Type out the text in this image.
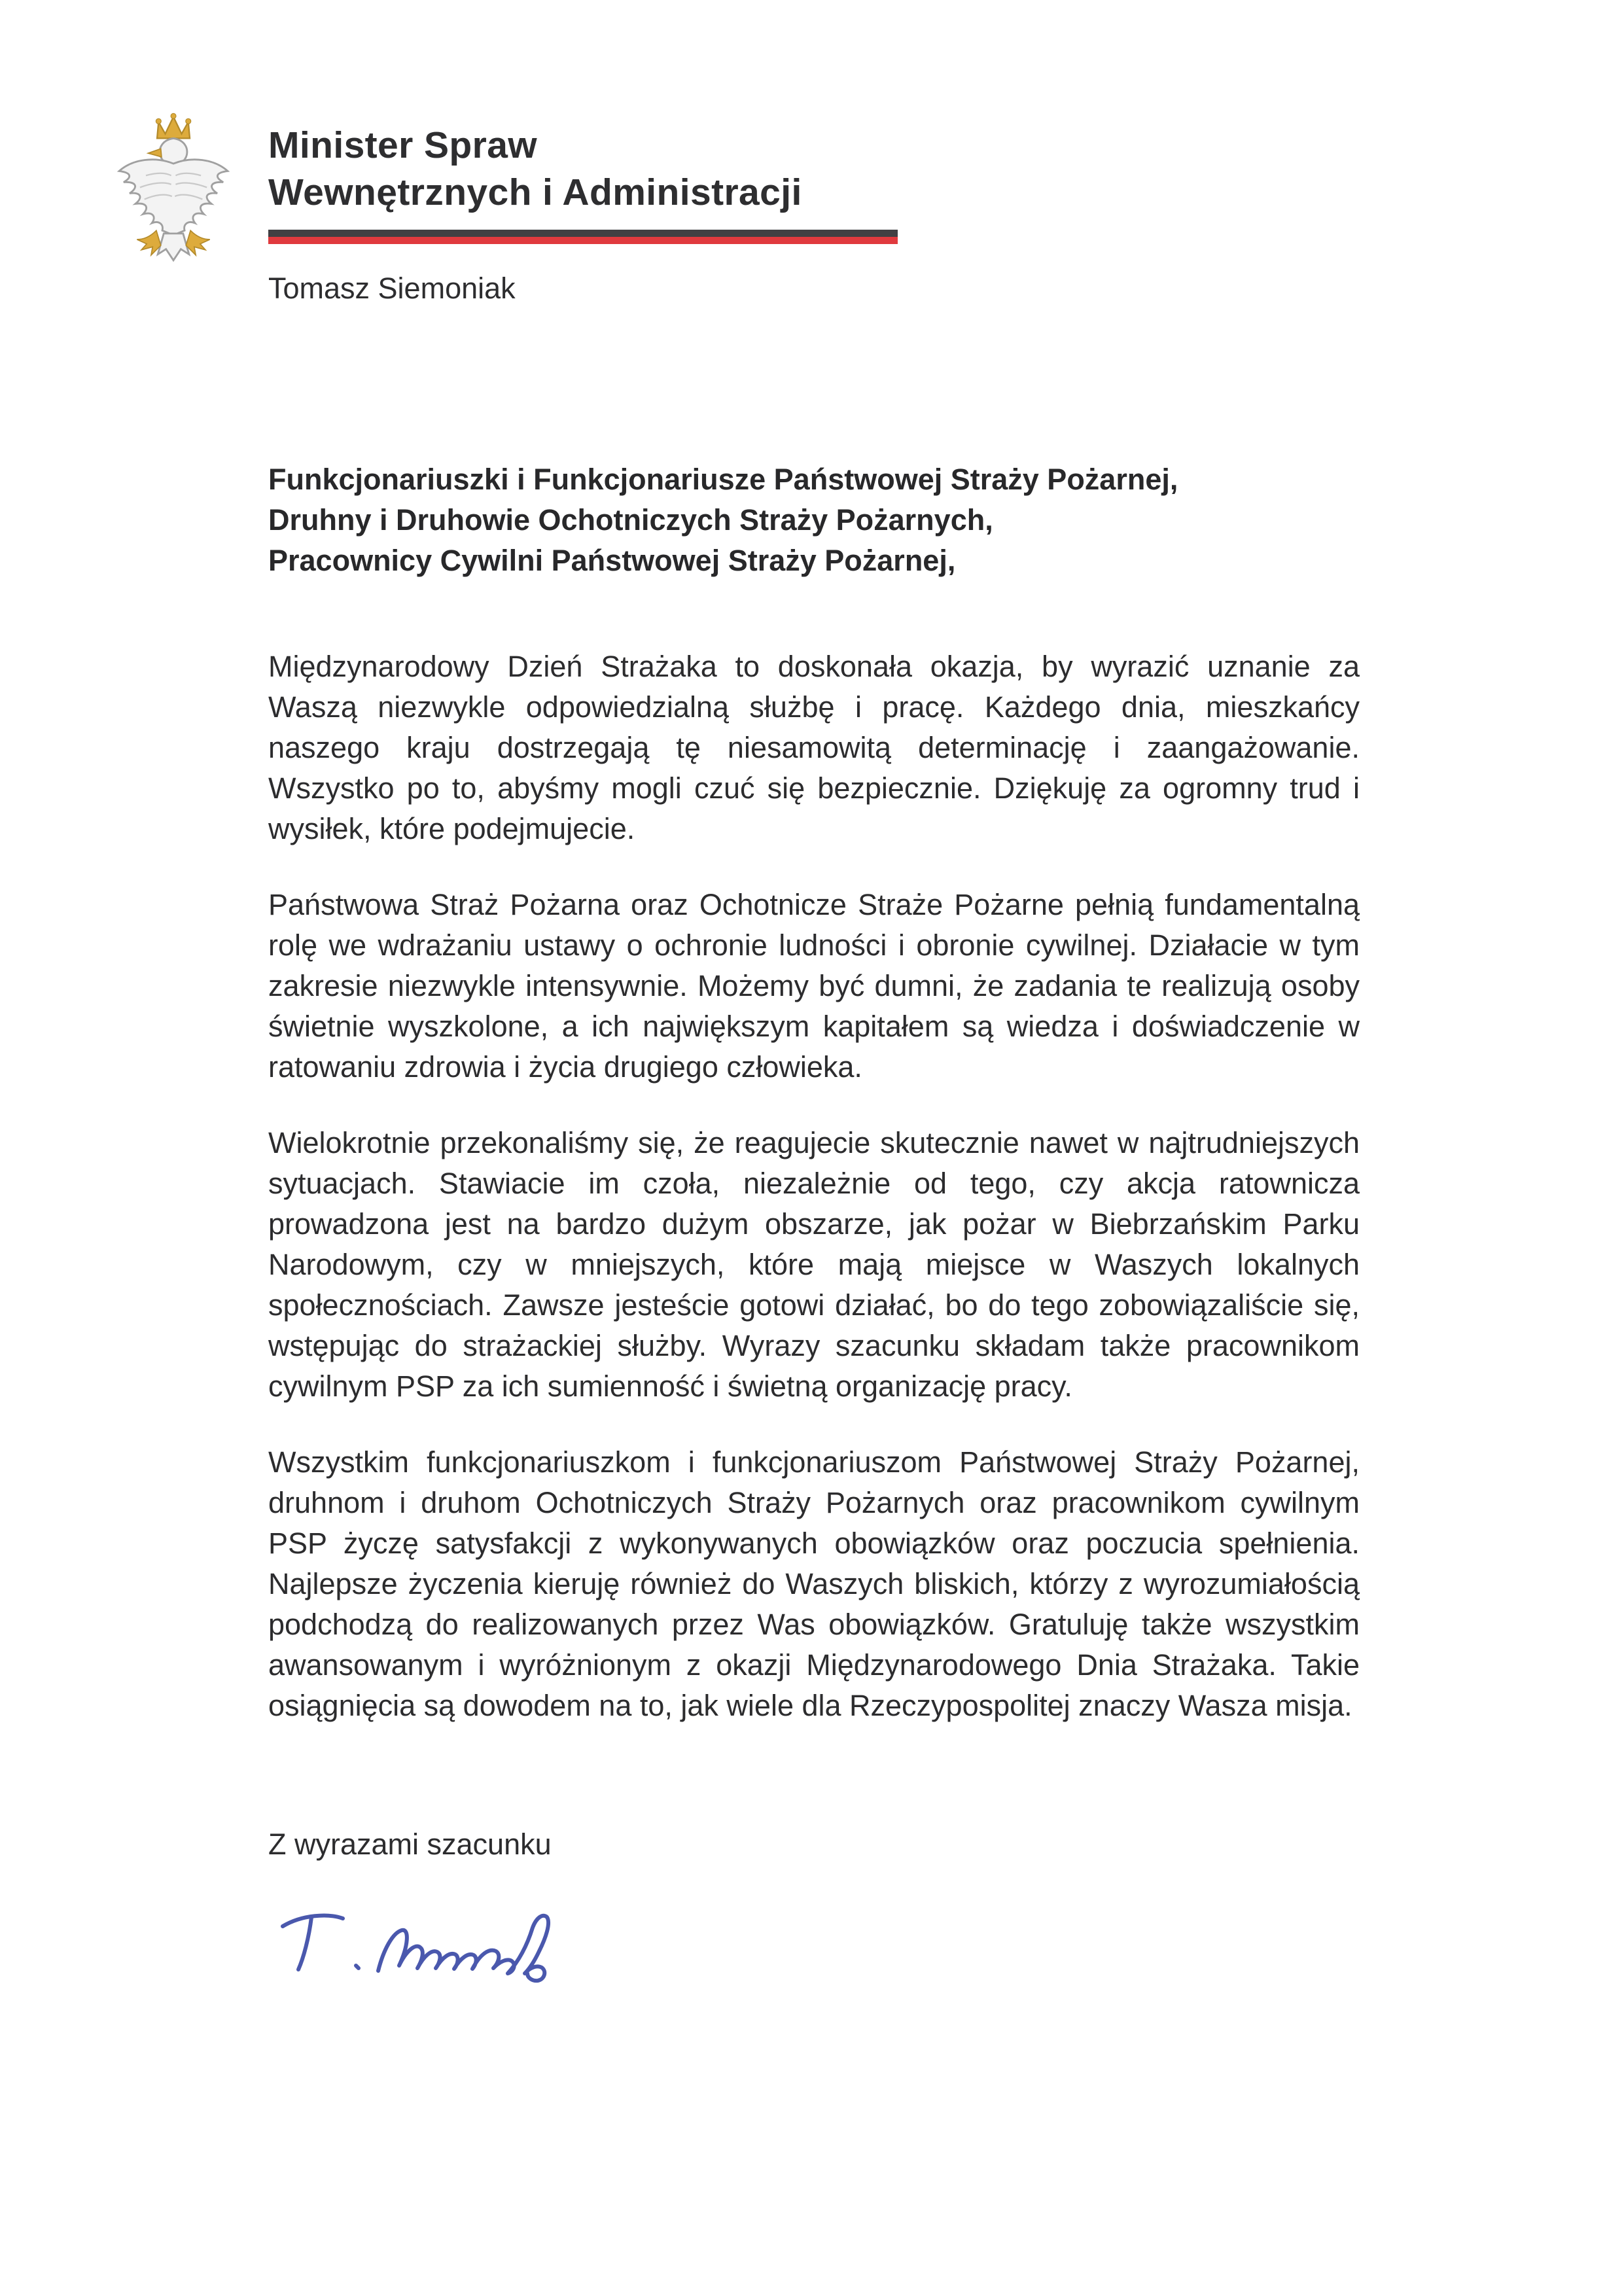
Minister Spraw
Wewnętrznych i Administracji
Tomasz Siemoniak

Funkcjonariuszki i Funkcjonariusze Państwowej Straży Pożarnej,

Druhny i Druhowie Ochotniczych Straży Pożarnych,

Pracownicy Cywilni Państwowej Straży Pożarnej,

Międzynarodowy Dzień Strażaka to doskonała okazja, by wyrazić uznanie za Waszą niezwykle odpowiedzialną służbę i pracę. Każdego dnia, mieszkańcy naszego kraju dostrzegają tę niesamowitą determinację i zaangażowanie. Wszystko po to, abyśmy mogli czuć się bezpiecznie. Dziękuję za ogromny trud i wysiłek, które podejmujecie.

Państwowa Straż Pożarna oraz Ochotnicze Straże Pożarne pełnią fundamentalną rolę we wdrażaniu ustawy o ochronie ludności i obronie cywilnej. Działacie w tym zakresie niezwykle intensywnie. Możemy być dumni, że zadania te realizują osoby świetnie wyszkolone, a ich największym kapitałem są wiedza i doświadczenie w ratowaniu zdrowia i życia drugiego człowieka.

Wielokrotnie przekonaliśmy się, że reagujecie skutecznie nawet w najtrudniejszych sytuacjach. Stawiacie im czoła, niezależnie od tego, czy akcja ratownicza prowadzona jest na bardzo dużym obszarze, jak pożar w Biebrzańskim Parku Narodowym, czy w mniejszych, które mają miejsce w Waszych lokalnych społecznościach. Zawsze jesteście gotowi działać, bo do tego zobowiązaliście się, wstępując do strażackiej służby. Wyrazy szacunku składam także pracownikom cywilnym PSP za ich sumienność i świetną organizację pracy.

Wszystkim funkcjonariuszkom i funkcjonariuszom Państwowej Straży Pożarnej, druhnom i druhom Ochotniczych Straży Pożarnych oraz pracownikom cywilnym PSP życzę satysfakcji z wykonywanych obowiązków oraz poczucia spełnienia. Najlepsze życzenia kieruję również do Waszych bliskich, którzy z wyrozumiałością podchodzą do realizowanych przez Was obowiązków. Gratuluję także wszystkim awansowanym i wyróżnionym z okazji Międzynarodowego Dnia Strażaka. Takie osiągnięcia są dowodem na to, jak wiele dla Rzeczypospolitej znaczy Wasza misja.

Z wyrazami szacunku
